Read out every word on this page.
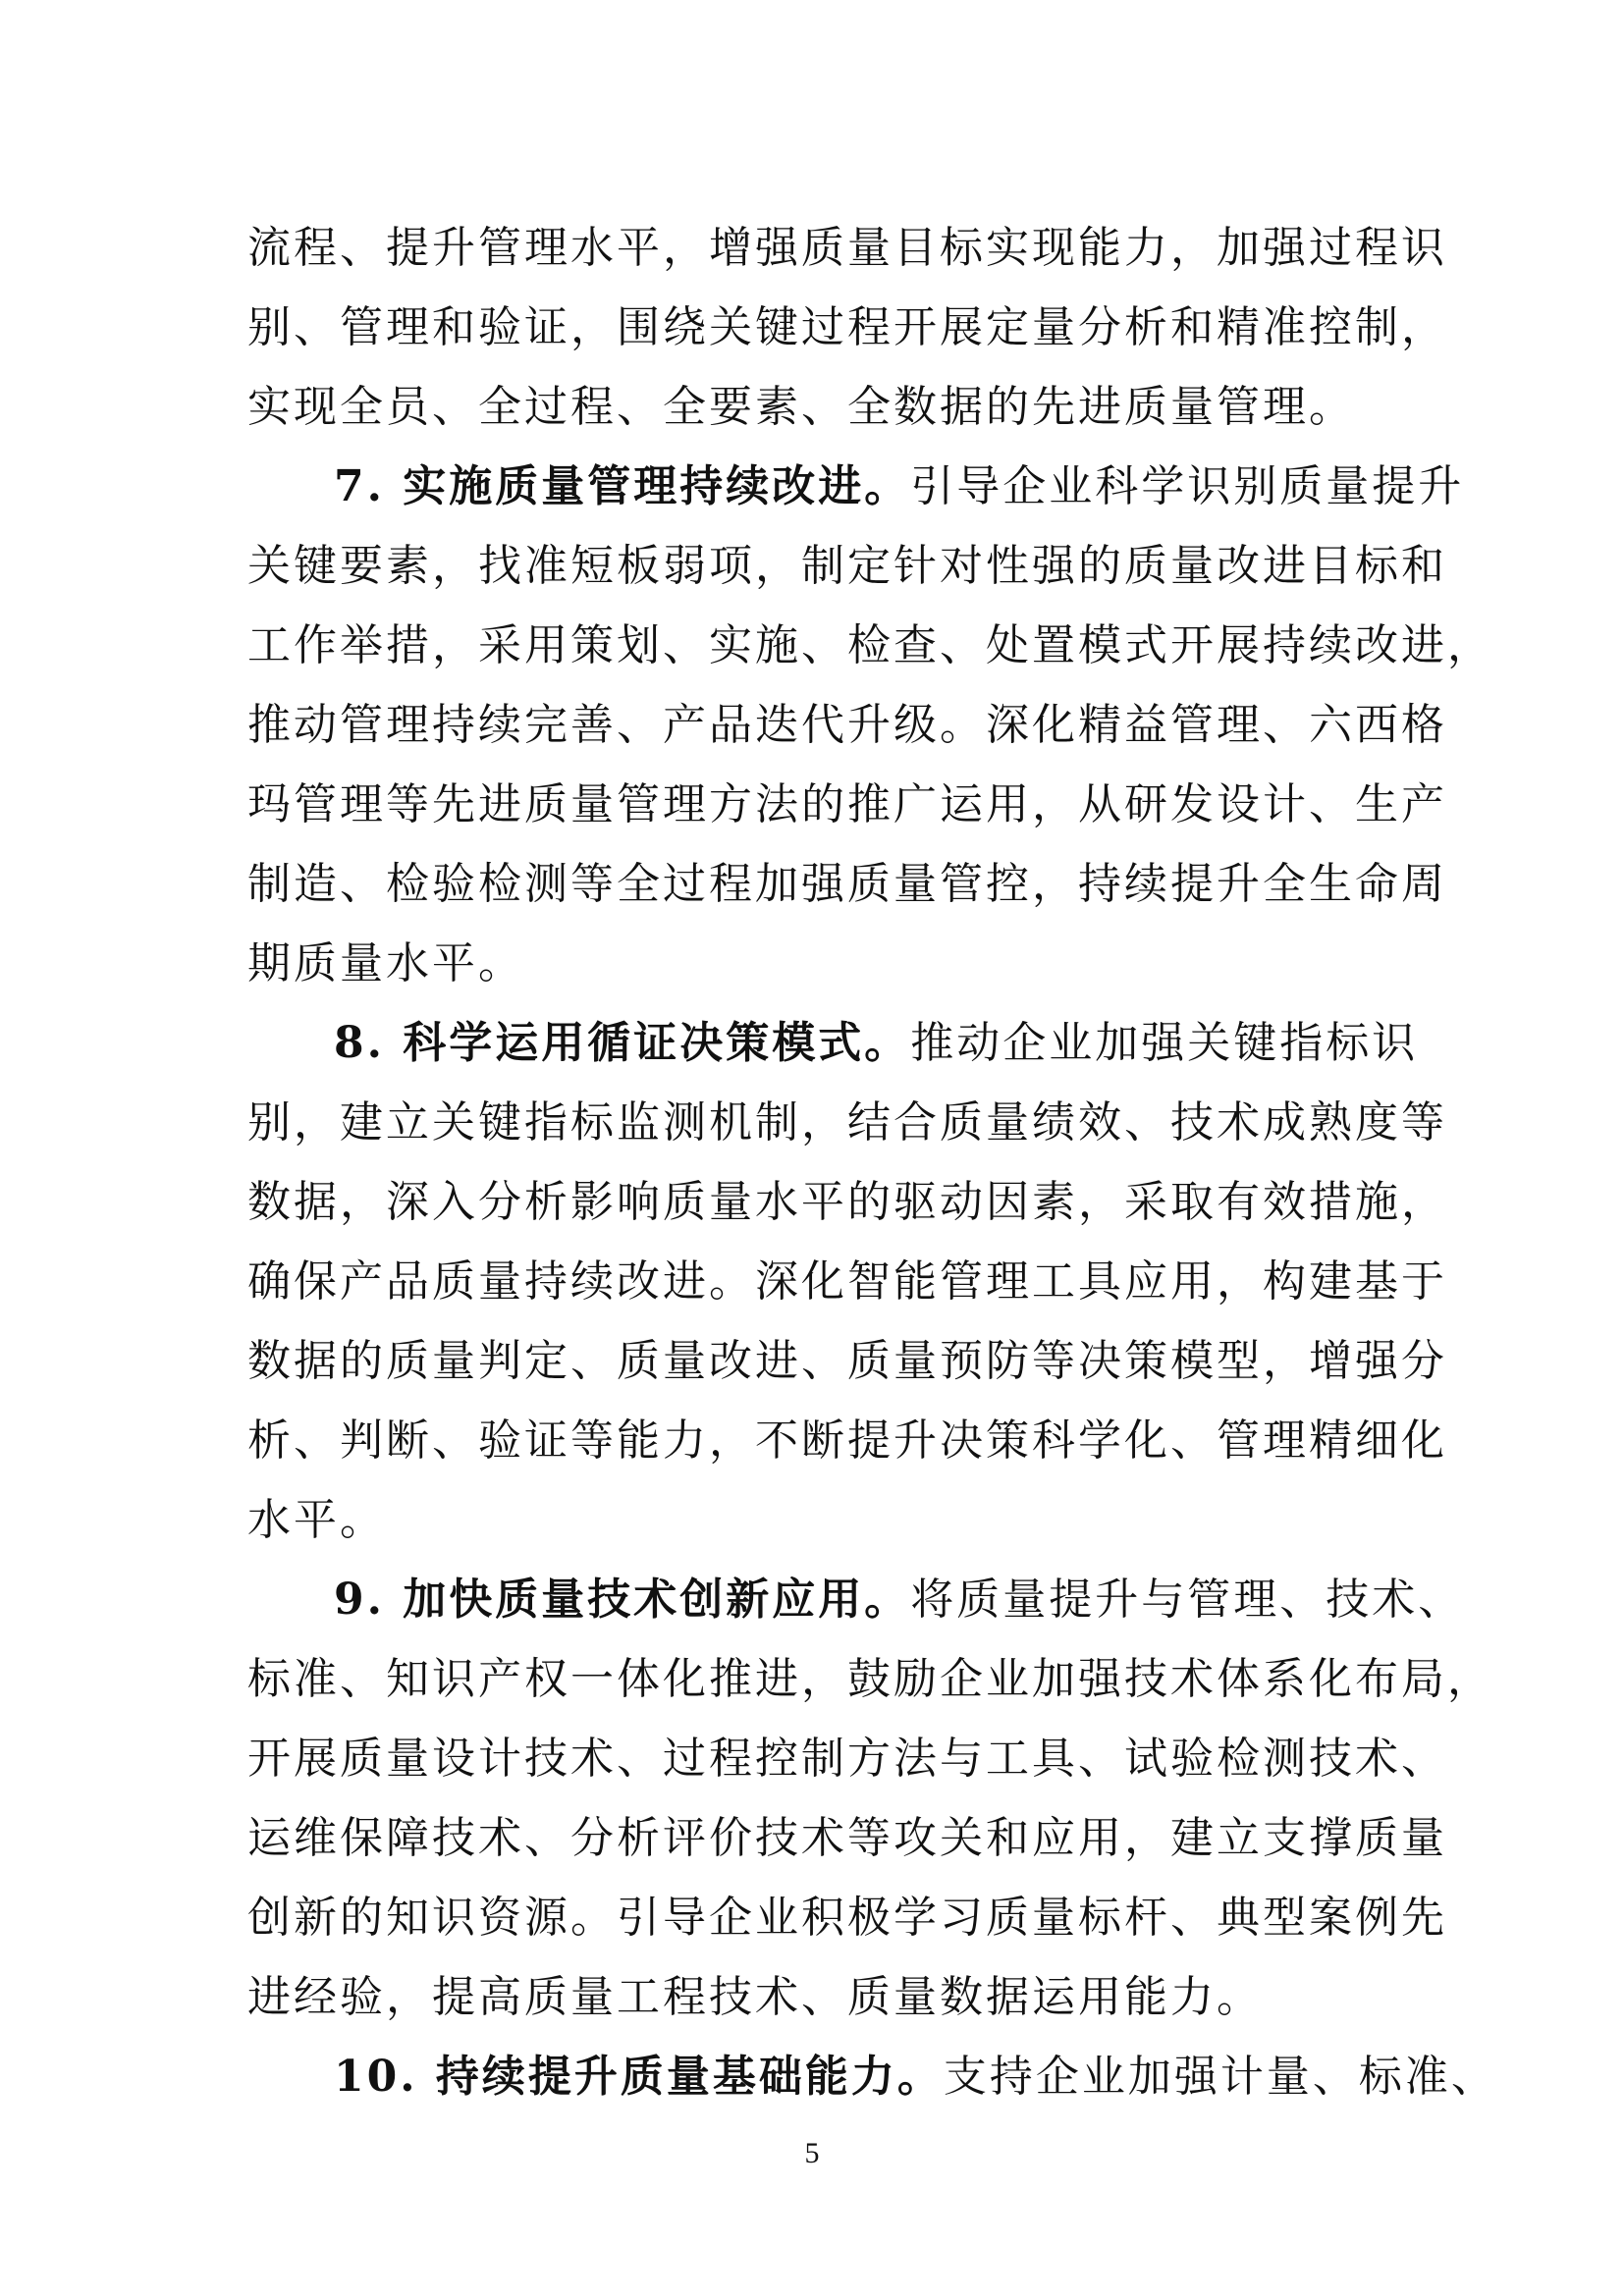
流程、提升管理水平，增强质量目标实现能力，加强过程识
别、管理和验证，围绕关键过程开展定量分析和精准控制，
实现全员、全过程、全要素、全数据的先进质量管理。
7. 实施质量管理持续改进。引导企业科学识别质量提升
关键要素，找准短板弱项，制定针对性强的质量改进目标和
工作举措，采用策划、实施、检查、处置模式开展持续改进，
推动管理持续完善、产品迭代升级。深化精益管理、六西格
玛管理等先进质量管理方法的推广运用，从研发设计、生产
制造、检验检测等全过程加强质量管控，持续提升全生命周
期质量水平。
8. 科学运用循证决策模式。推动企业加强关键指标识
别，建立关键指标监测机制，结合质量绩效、技术成熟度等
数据，深入分析影响质量水平的驱动因素，采取有效措施，
确保产品质量持续改进。深化智能管理工具应用，构建基于
数据的质量判定、质量改进、质量预防等决策模型，增强分
析、判断、验证等能力，不断提升决策科学化、管理精细化
水平。
9. 加快质量技术创新应用。将质量提升与管理、技术、
标准、知识产权一体化推进，鼓励企业加强技术体系化布局，
开展质量设计技术、过程控制方法与工具、试验检测技术、
运维保障技术、分析评价技术等攻关和应用，建立支撑质量
创新的知识资源。引导企业积极学习质量标杆、典型案例先
进经验，提高质量工程技术、质量数据运用能力。
10. 持续提升质量基础能力。支持企业加强计量、标准、
5
